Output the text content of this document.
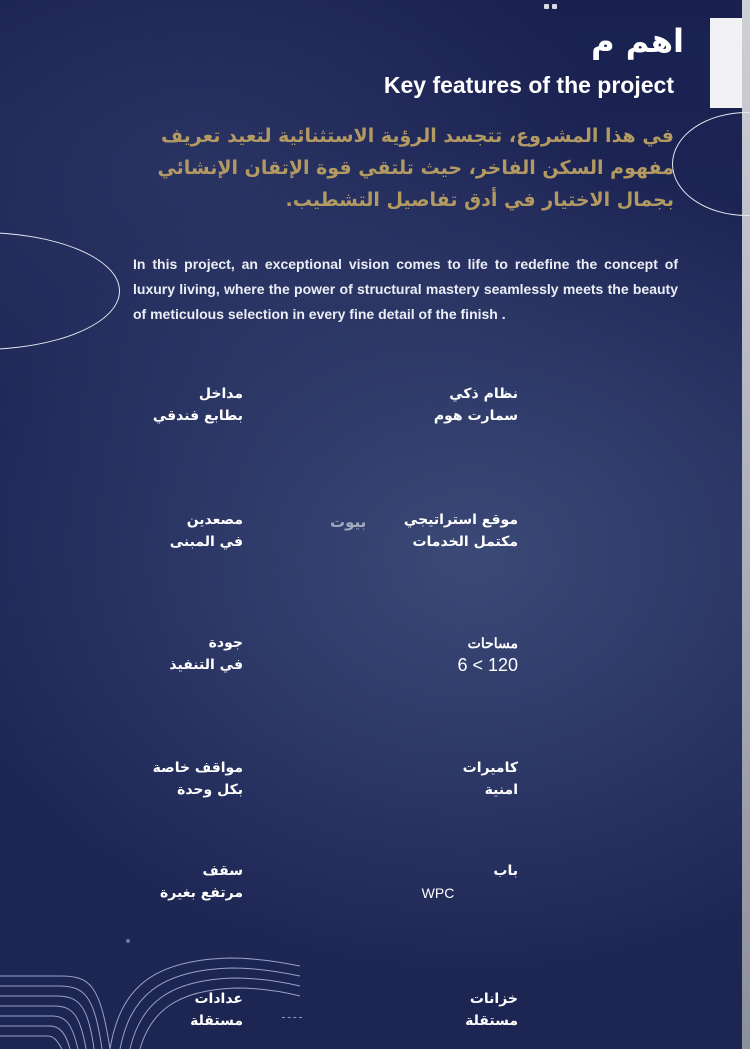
اهم م
Key features of the project
في هذا المشروع، تتجسد الرؤية الاستثنائية لتعيد تعريف مفهوم السكن الفاخر، حيث تلتقي قوة الإتقان الإنشائي بجمال الاختيار في أدق تفاصيل التشطيب.
In this project, an exceptional vision comes to life to redefine the concept of luxury living, where the power of structural mastery seamlessly meets the beauty of meticulous selection in every fine detail of the finish .
مداخل
بطابع فندقي
نظام ذكي
سمارت هوم
مصعدين
في المبنى
موقع استراتيجي
مكتمل الخدمات
بيوت
جودة
في التنفيذ
مساحات
6 < 120
مواقف خاصة
بكل وحدة
كاميرات
امنية
سقف
مرتفع بغيرة
باب
WPC
عدادات
مستقلة
خزانات
مستقلة
